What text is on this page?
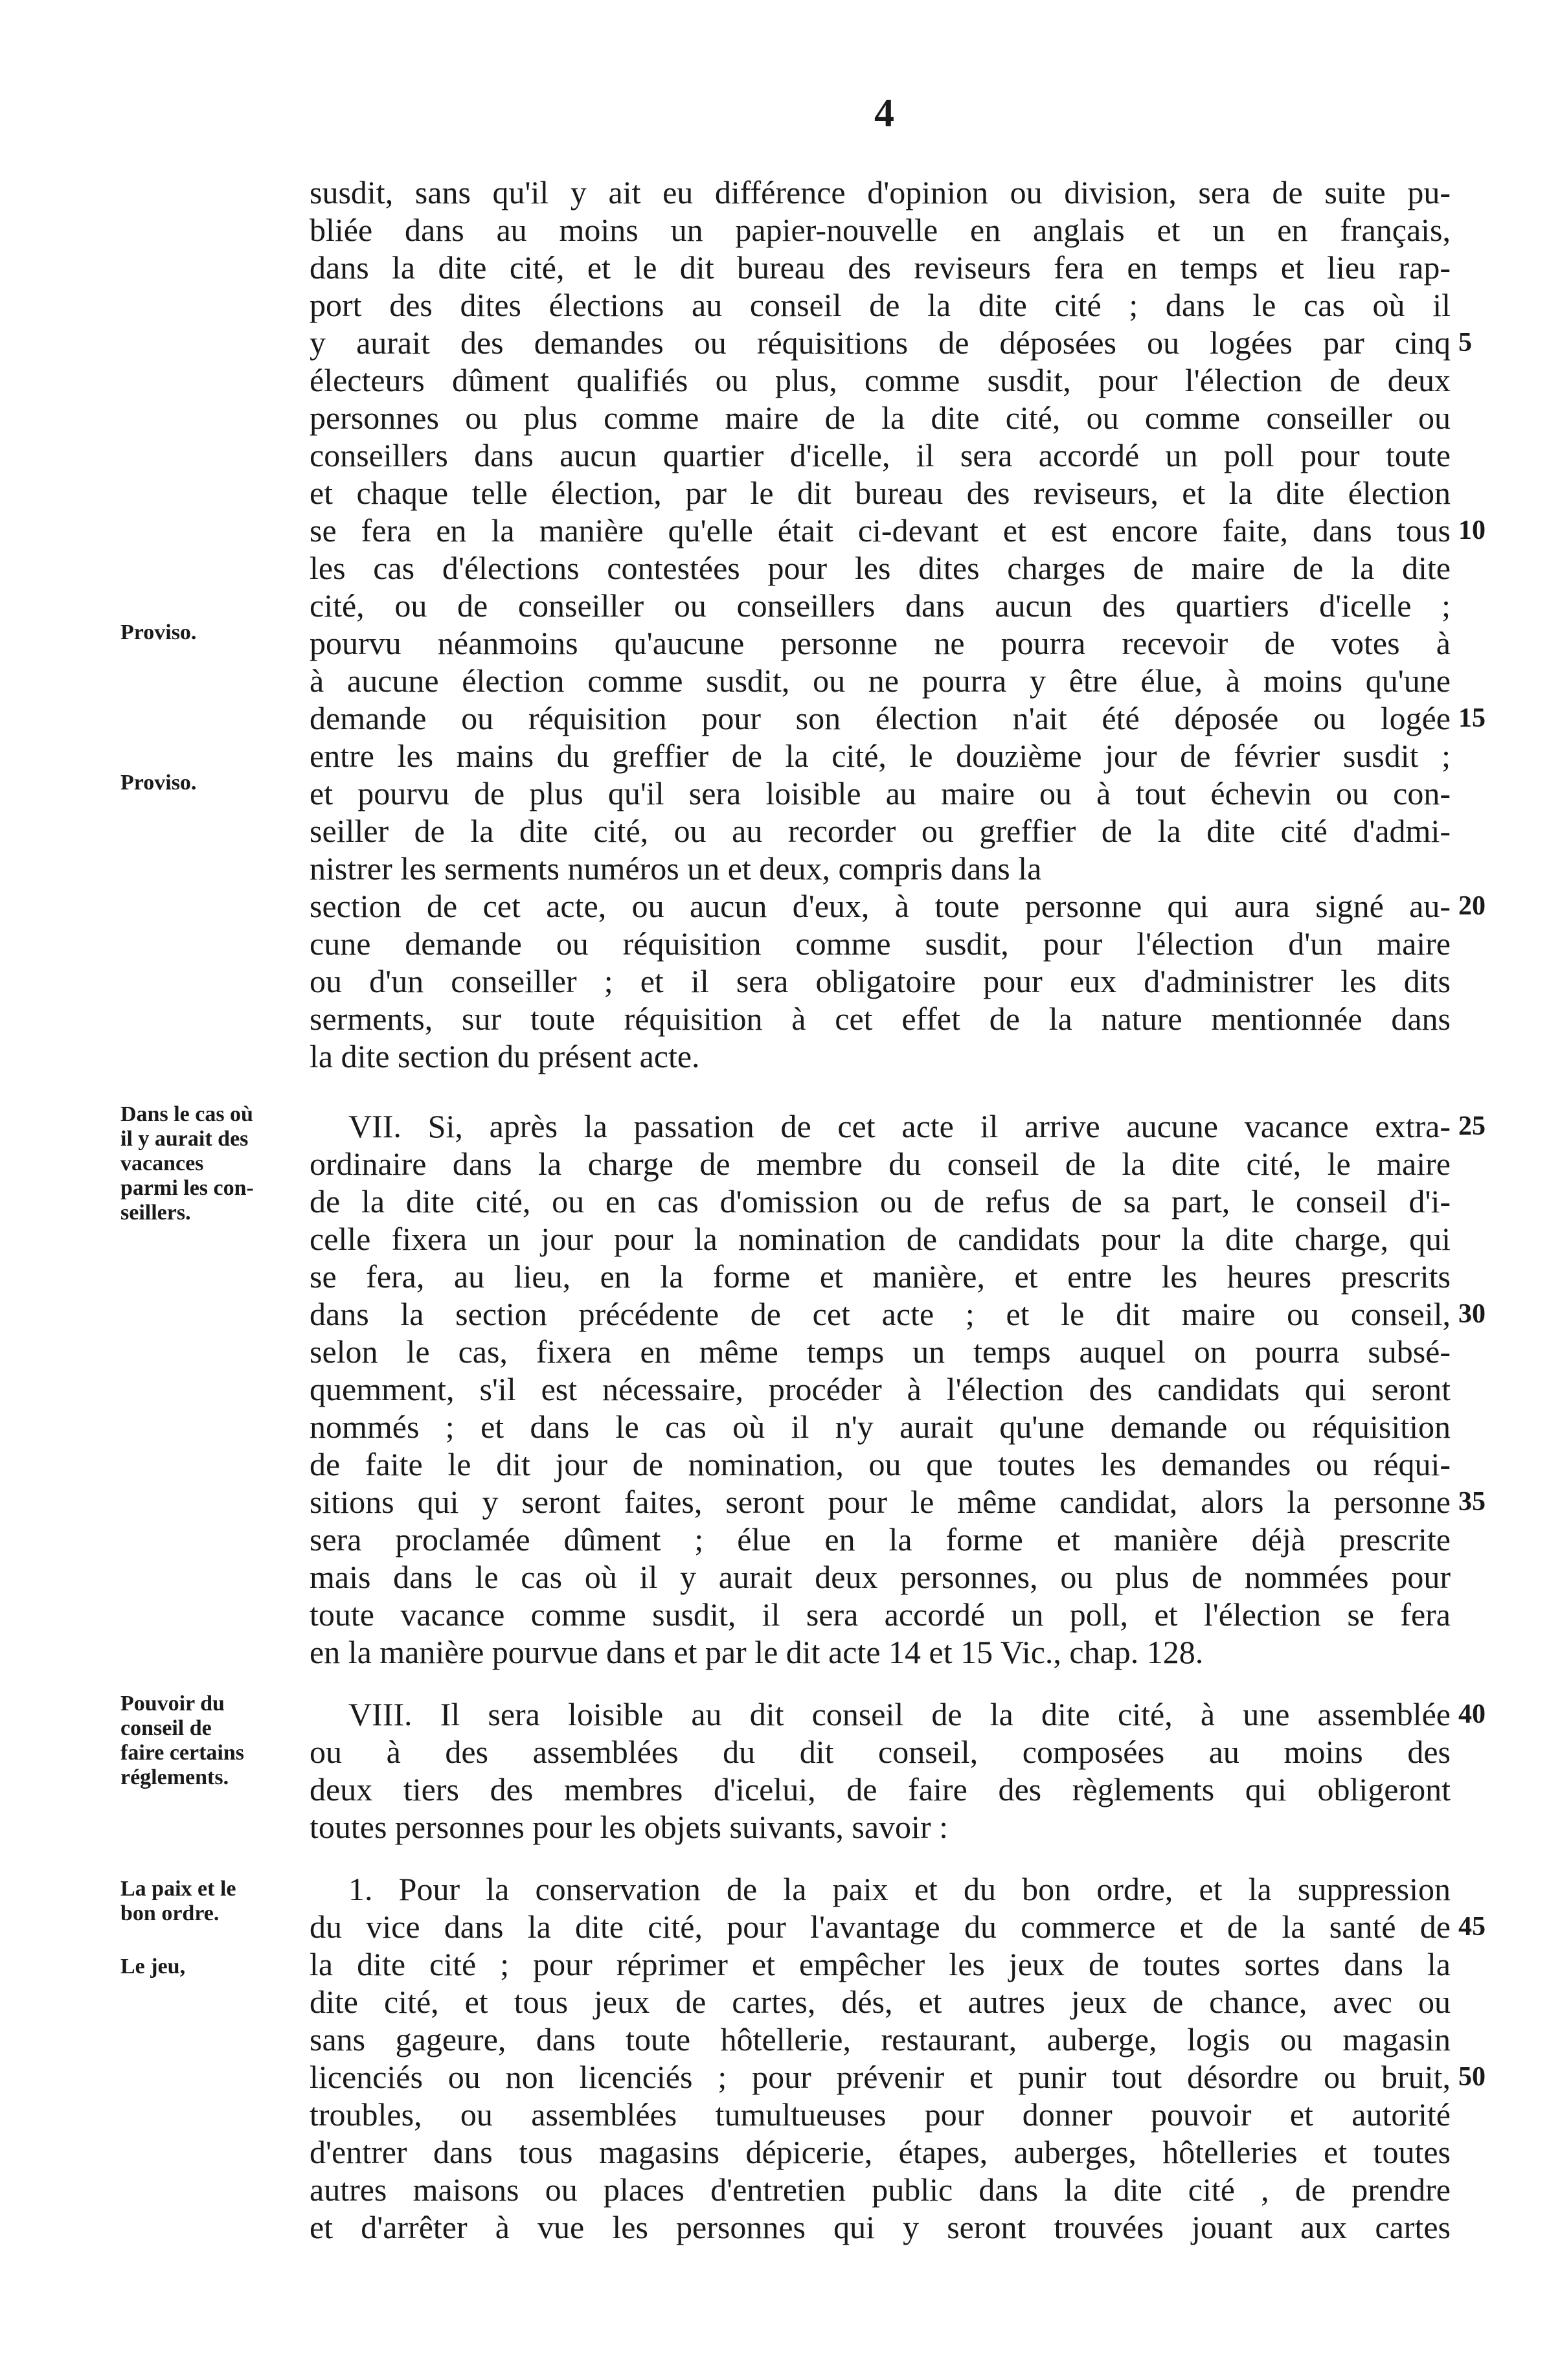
4
Proviso.
Proviso.
Dans le cas où
il y aurait des
vacances
parmi les con-
seillers.
Pouvoir du
conseil de
faire certains
réglements.
La paix et le
bon ordre.
Le jeu,
susdit, sans qu'il y ait eu différence d'opinion ou division, sera de suite pu-
bliée dans au moins un papier-nouvelle en anglais et un en français,
dans la dite cité, et le dit bureau des reviseurs fera en temps et lieu rap-
port des dites élections au conseil de la dite cité ; dans le cas où il
y aurait des demandes ou réquisitions de déposées ou logées par cinq
électeurs dûment qualifiés ou plus, comme susdit, pour l'élection de deux
personnes ou plus comme maire de la dite cité, ou comme conseiller ou
conseillers dans aucun quartier d'icelle, il sera accordé un poll pour toute
et chaque telle élection, par le dit bureau des reviseurs, et la dite élection
se fera en la manière qu'elle était ci-devant et est encore faite, dans tous
les cas d'élections contestées pour les dites charges de maire de la dite
cité, ou de conseiller ou conseillers dans aucun des quartiers d'icelle ;
pourvu néanmoins qu'aucune personne ne pourra recevoir de votes à
à aucune élection comme susdit, ou ne pourra y être élue, à moins qu'une
demande ou réquisition pour son élection n'ait été déposée ou logée
entre les mains du greffier de la cité, le douzième jour de février susdit ;
et pourvu de plus qu'il sera loisible au maire ou à tout échevin ou con-
seiller de la dite cité, ou au recorder ou greffier de la dite cité d'admi-
nistrer les serments numéros un et deux, compris dans la
section de cet acte, ou aucun d'eux, à toute personne qui aura signé au-
cune demande ou réquisition comme susdit, pour l'élection d'un maire
ou d'un conseiller ; et il sera obligatoire pour eux d'administrer les dits
serments, sur toute réquisition à cet effet de la nature mentionnée dans
la dite section du présent acte.
VII. Si, après la passation de cet acte il arrive aucune vacance extra-
ordinaire dans la charge de membre du conseil de la dite cité, le maire
de la dite cité, ou en cas d'omission ou de refus de sa part, le conseil d'i-
celle fixera un jour pour la nomination de candidats pour la dite charge, qui
se fera, au lieu, en la forme et manière, et entre les heures prescrits
dans la section précédente de cet acte ; et le dit maire ou conseil,
selon le cas, fixera en même temps un temps auquel on pourra subsé-
quemment, s'il est nécessaire, procéder à l'élection des candidats qui seront
nommés ; et dans le cas où il n'y aurait qu'une demande ou réquisition
de faite le dit jour de nomination, ou que toutes les demandes ou réqui-
sitions qui y seront faites, seront pour le même candidat, alors la personne
sera proclamée dûment ; élue en la forme et manière déjà prescrite
mais dans le cas où il y aurait deux personnes, ou plus de nommées pour
toute vacance comme susdit, il sera accordé un poll, et l'élection se fera
en la manière pourvue dans et par le dit acte 14 et 15 Vic., chap. 128.
VIII. Il sera loisible au dit conseil de la dite cité, à une assemblée
ou à des assemblées du dit conseil, composées au moins des
deux tiers des membres d'icelui, de faire des règlements qui obligeront
toutes personnes pour les objets suivants, savoir :
1. Pour la conservation de la paix et du bon ordre, et la suppression
du vice dans la dite cité, pour l'avantage du commerce et de la santé de
la dite cité ; pour réprimer et empêcher les jeux de toutes sortes dans la
dite cité, et tous jeux de cartes, dés, et autres jeux de chance, avec ou
sans gageure, dans toute hôtellerie, restaurant, auberge, logis ou magasin
licenciés ou non licenciés ; pour prévenir et punir tout désordre ou bruit,
troubles, ou assemblées tumultueuses pour donner pouvoir et autorité
d'entrer dans tous magasins dépicerie, étapes, auberges, hôtelleries et toutes
autres maisons ou places d'entretien public dans la dite cité , de prendre
et d'arrêter à vue les personnes qui y seront trouvées jouant aux cartes
5
10
15
20
25
30
35
40
45
50
